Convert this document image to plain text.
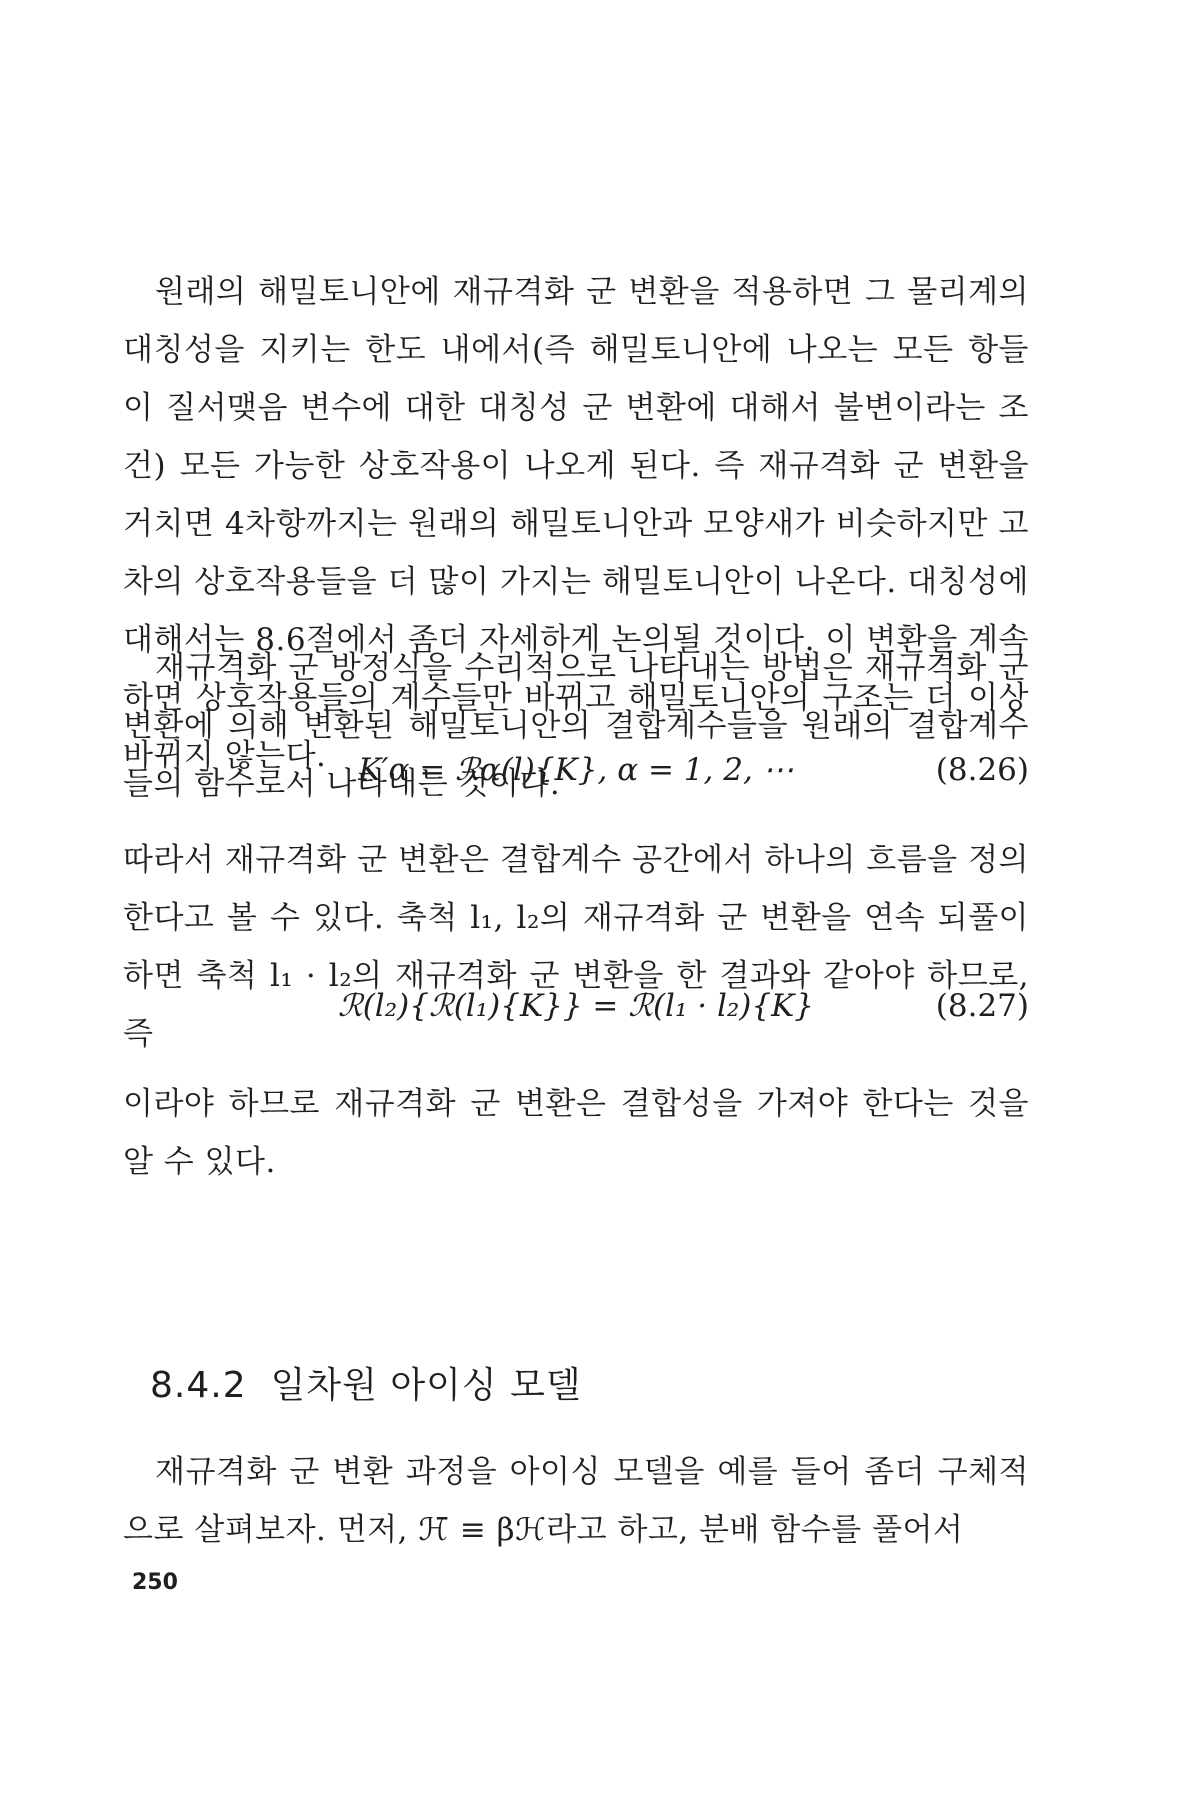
원래의 해밀토니안에 재규격화 군 변환을 적용하면 그 물리계의 대칭성을 지키는 한도 내에서(즉 해밀토니안에 나오는 모든 항들이 질서맺음 변수에 대한 대칭성 군 변환에 대해서 불변이라는 조건) 모든 가능한 상호작용이 나오게 된다. 즉 재규격화 군 변환을 거치면 4차항까지는 원래의 해밀토니안과 모양새가 비슷하지만 고차의 상호작용들을 더 많이 가지는 해밀토니안이 나온다. 대칭성에 대해서는 8.6절에서 좀더 자세하게 논의될 것이다. 이 변환을 계속하면 상호작용들의 계수들만 바뀌고 해밀토니안의 구조는 더 이상 바뀌지 않는다.

재규격화 군 방정식을 수리적으로 나타내는 방법은 재규격화 군 변환에 의해 변환된 해밀토니안의 결합계수들을 원래의 결합계수들의 함수로서 나타내는 것이다.

K′α = ℛα(l){K}, α = 1, 2, ⋯	(8.26)

따라서 재규격화 군 변환은 결합계수 공간에서 하나의 흐름을 정의한다고 볼 수 있다. 축척 l₁, l₂의 재규격화 군 변환을 연속 되풀이하면 축척 l₁ · l₂의 재규격화 군 변환을 한 결과와 같아야 하므로, 즉

ℛ(l₂){ℛ(l₁){K}} = ℛ(l₁ · l₂){K}	(8.27)

이라야 하므로 재규격화 군 변환은 결합성을 가져야 한다는 것을 알 수 있다.

8.4.2 일차원 아이싱 모델

재규격화 군 변환 과정을 아이싱 모델을 예를 들어 좀더 구체적으로 살펴보자. 먼저, ℋ̄ ≡ βℋ라고 하고, 분배 함수를 풀어서

250
